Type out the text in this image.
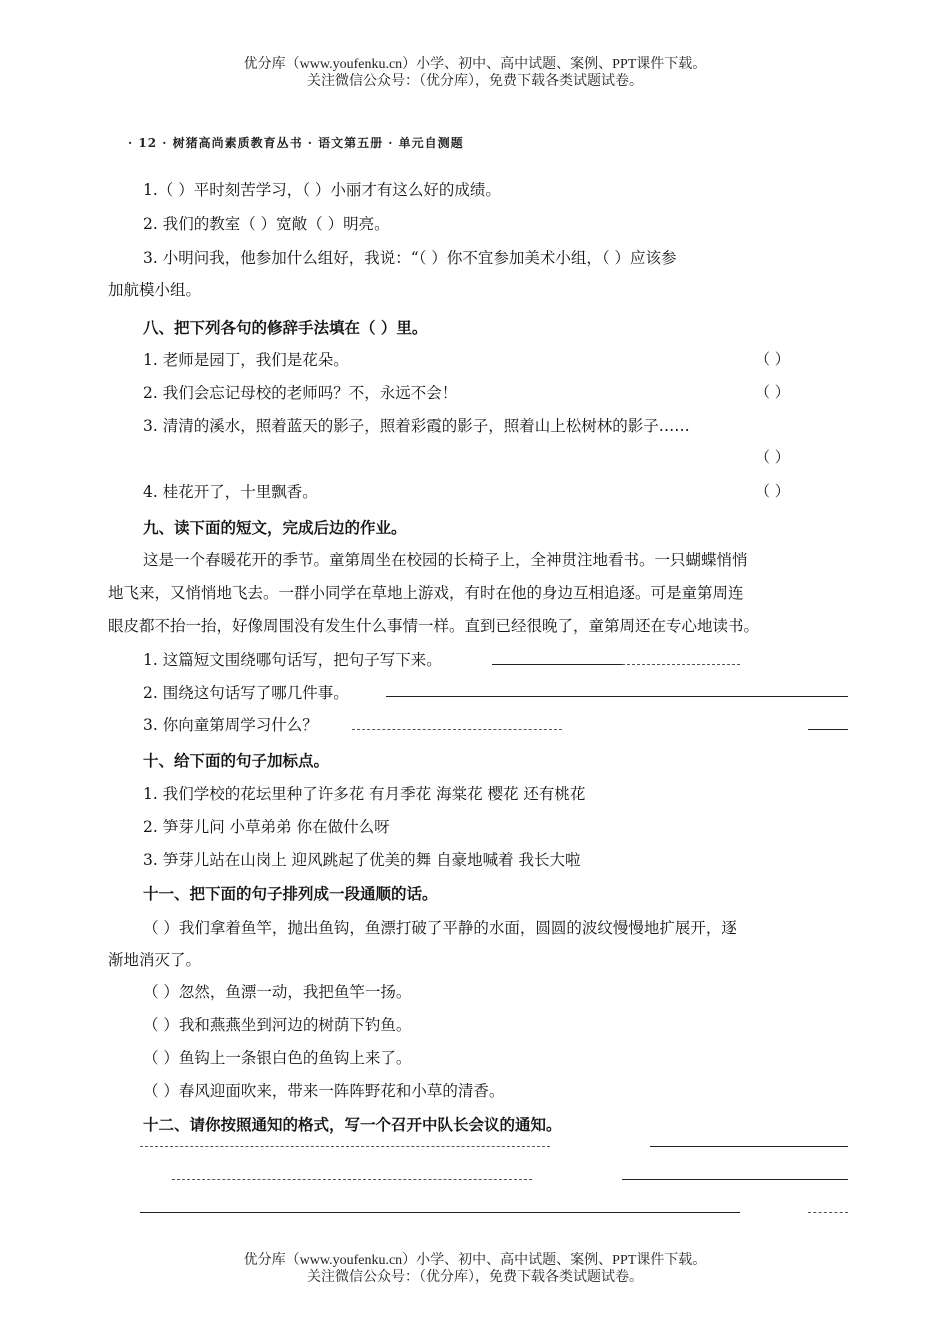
优分库（www.youfenku.cn）小学、初中、高中试题、案例、PPT课件下载。
关注微信公众号：（优分库），免费下载各类试题试卷。
· 12 · 树猪高尚素质教育丛书 · 语文第五册 · 单元自测题
1.（ ）平时刻苦学习，（ ）小丽才有这么好的成绩。
2. 我们的教室（ ）宽敞（ ）明亮。
3. 小明问我，他参加什么组好，我说：“（ ）你不宜参加美术小组，（ ）应该参
加航模小组。
八、把下列各句的修辞手法填在（ ）里。
1. 老师是园丁，我们是花朵。	（ ）
2. 我们会忘记母校的老师吗？不，永远不会！	（ ）
3. 清清的溪水，照着蓝天的影子，照着彩霞的影子，照着山上松树林的影子……
（ ）
4. 桂花开了，十里飘香。	（ ）
九、读下面的短文，完成后边的作业。
这是一个春暖花开的季节。童第周坐在校园的长椅子上，全神贯注地看书。一只蝴蝶悄悄
地飞来，又悄悄地飞去。一群小同学在草地上游戏，有时在他的身边互相追逐。可是童第周连
眼皮都不抬一抬，好像周围没有发生什么事情一样。直到已经很晚了，童第周还在专心地读书。
1. 这篇短文围绕哪句话写，把句子写下来。
2. 围绕这句话写了哪几件事。
3. 你向童第周学习什么？
十、给下面的句子加标点。
1. 我们学校的花坛里种了许多花 有月季花 海棠花 樱花 还有桃花
2. 笋芽儿问 小草弟弟 你在做什么呀
3. 笋芽儿站在山岗上 迎风跳起了优美的舞 自豪地喊着 我长大啦
十一、把下面的句子排列成一段通顺的话。
（ ）我们拿着鱼竿，抛出鱼钩，鱼漂打破了平静的水面，圆圆的波纹慢慢地扩展开，逐
渐地消灭了。
（ ）忽然，鱼漂一动，我把鱼竿一扬。
（ ）我和燕燕坐到河边的树荫下钓鱼。
（ ）鱼钩上一条银白色的鱼钩上来了。
（ ）春风迎面吹来，带来一阵阵野花和小草的清香。
十二、请你按照通知的格式，写一个召开中队长会议的通知。
优分库（www.youfenku.cn）小学、初中、高中试题、案例、PPT课件下载。
关注微信公众号：（优分库），免费下载各类试题试卷。
